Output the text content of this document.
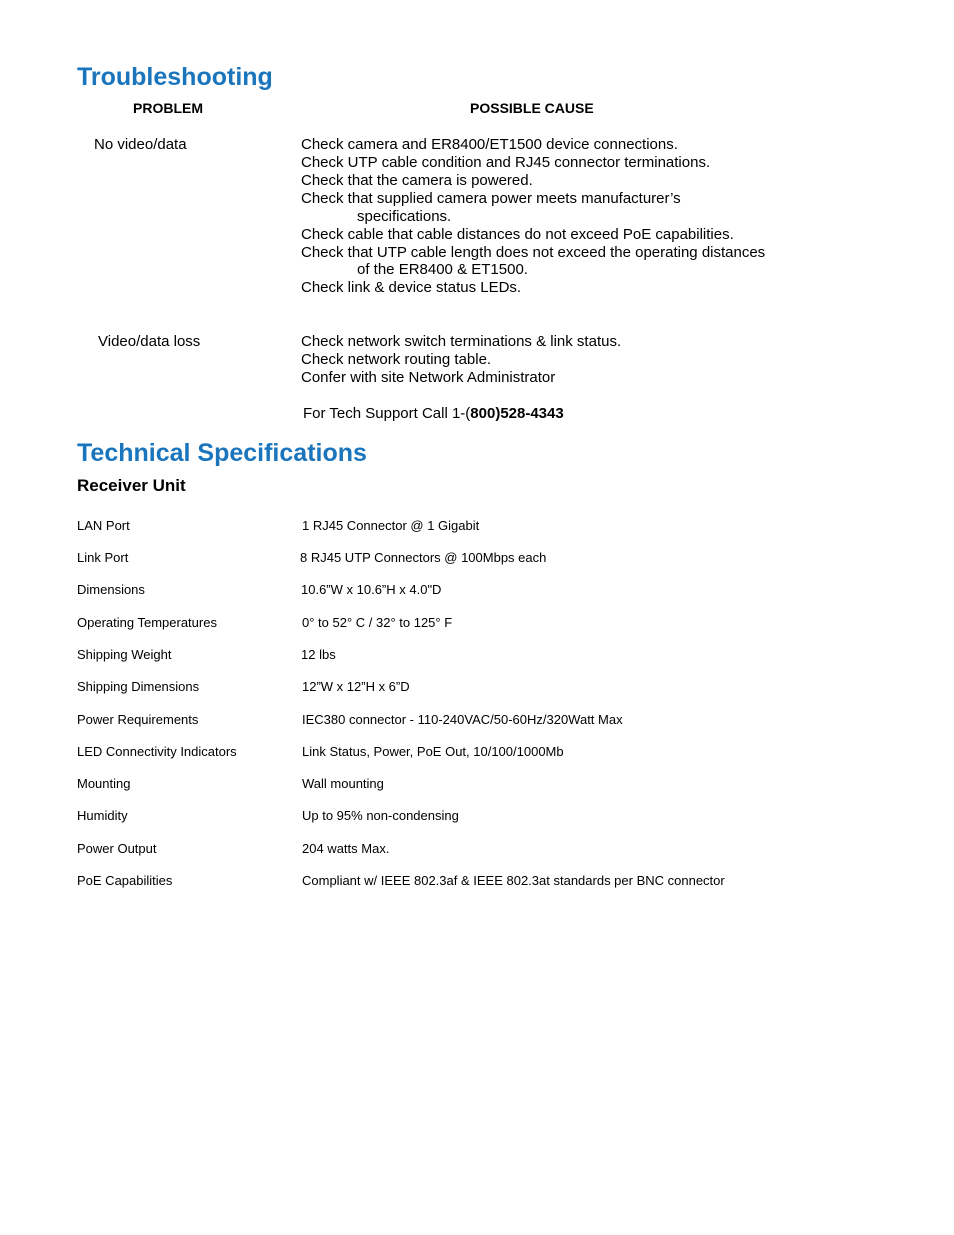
Troubleshooting
PROBLEM	POSSIBLE CAUSE
No video/data	Check camera and ER8400/ET1500 device connections.
Check UTP cable condition and RJ45 connector terminations.
Check that the camera is powered.
Check that supplied camera power meets manufacturer’s
specifications.
Check cable that cable distances do not exceed PoE capabilities.
Check that UTP cable length does not exceed the operating distances
of the ER8400 & ET1500.
Check link & device status LEDs.
Video/data loss	Check network switch terminations & link status.
Check network routing table.
Confer with site Network Administrator
For Tech Support Call 1-(800)528-4343
Technical Specifications
Receiver Unit
LAN Port	1 RJ45 Connector @ 1 Gigabit
Link Port	8 RJ45 UTP Connectors @ 100Mbps each
Dimensions	10.6”W x 10.6”H x 4.0"D
Operating Temperatures	0° to 52° C / 32° to 125° F
Shipping Weight	12 lbs
Shipping Dimensions	12”W x 12”H x 6”D
Power Requirements	IEC380 connector - 110-240VAC/50-60Hz/320Watt Max
LED Connectivity Indicators	Link Status, Power, PoE Out, 10/100/1000Mb
Mounting	Wall mounting
Humidity	Up to 95% non-condensing
Power Output	204 watts Max.
PoE Capabilities	Compliant w/ IEEE 802.3af & IEEE 802.3at standards per BNC connector
